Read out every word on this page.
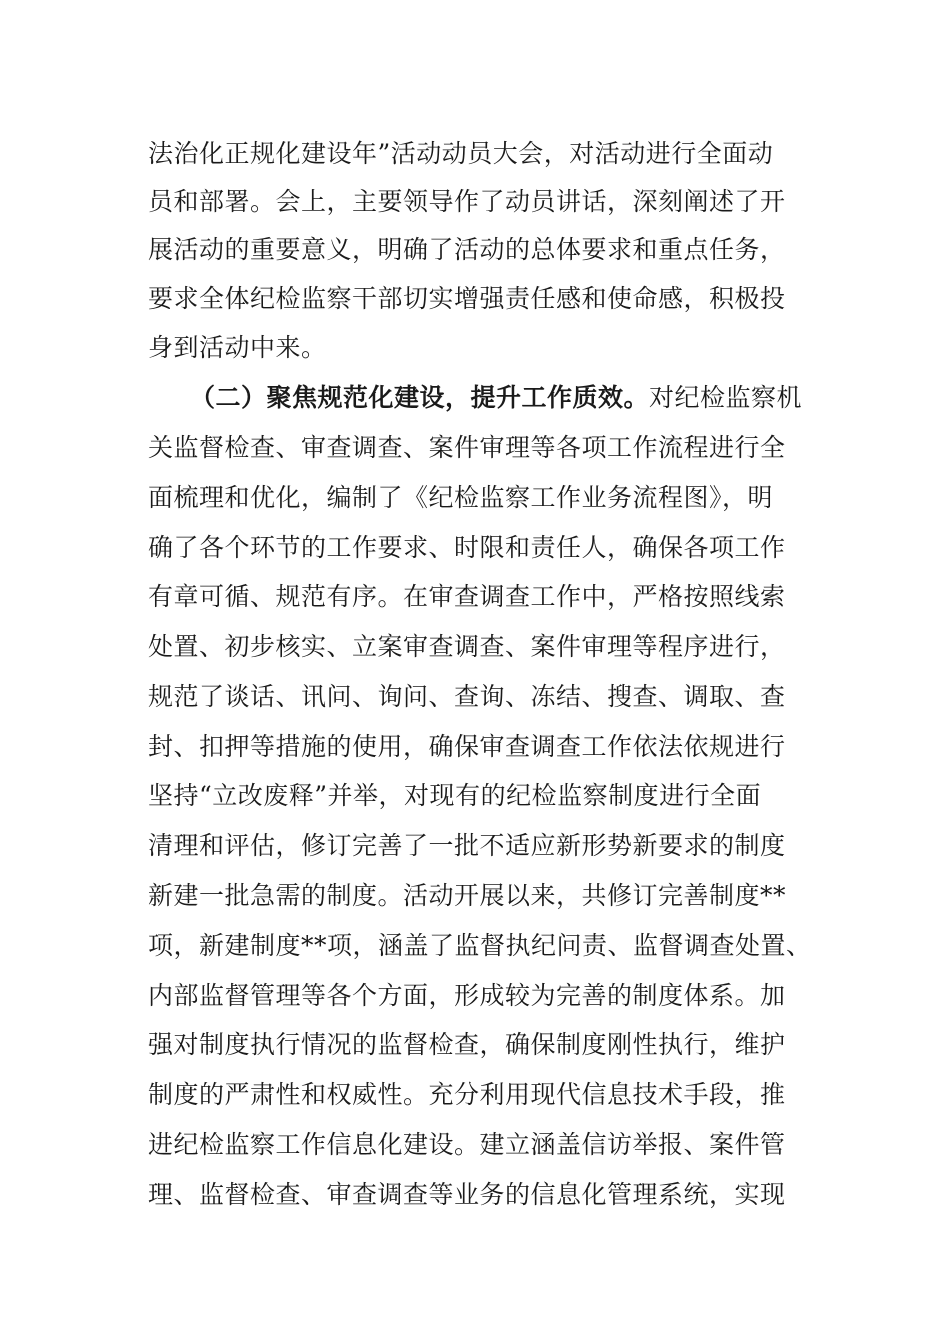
法治化正规化建设年”活动动员大会，对活动进行全面动
员和部署。会上，主要领导作了动员讲话，深刻阐述了开
展活动的重要意义，明确了活动的总体要求和重点任务，
要求全体纪检监察干部切实增强责任感和使命感，积极投
身到活动中来。
（二）聚焦规范化建设，提升工作质效。对纪检监察机
关监督检查、审查调查、案件审理等各项工作流程进行全
面梳理和优化，编制了《纪检监察工作业务流程图》，明
确了各个环节的工作要求、时限和责任人，确保各项工作
有章可循、规范有序。在审查调查工作中，严格按照线索
处置、初步核实、立案审查调查、案件审理等程序进行，
规范了谈话、讯问、询问、查询、冻结、搜查、调取、查
封、扣押等措施的使用，确保审查调查工作依法依规进行
坚持“立改废释”并举，对现有的纪检监察制度进行全面
清理和评估，修订完善了一批不适应新形势新要求的制度
新建一批急需的制度。活动开展以来，共修订完善制度**
项，新建制度**项，涵盖了监督执纪问责、监督调查处置、
内部监督管理等各个方面，形成较为完善的制度体系。加
强对制度执行情况的监督检查，确保制度刚性执行，维护
制度的严肃性和权威性。充分利用现代信息技术手段，推
进纪检监察工作信息化建设。建立涵盖信访举报、案件管
理、监督检查、审查调查等业务的信息化管理系统，实现
